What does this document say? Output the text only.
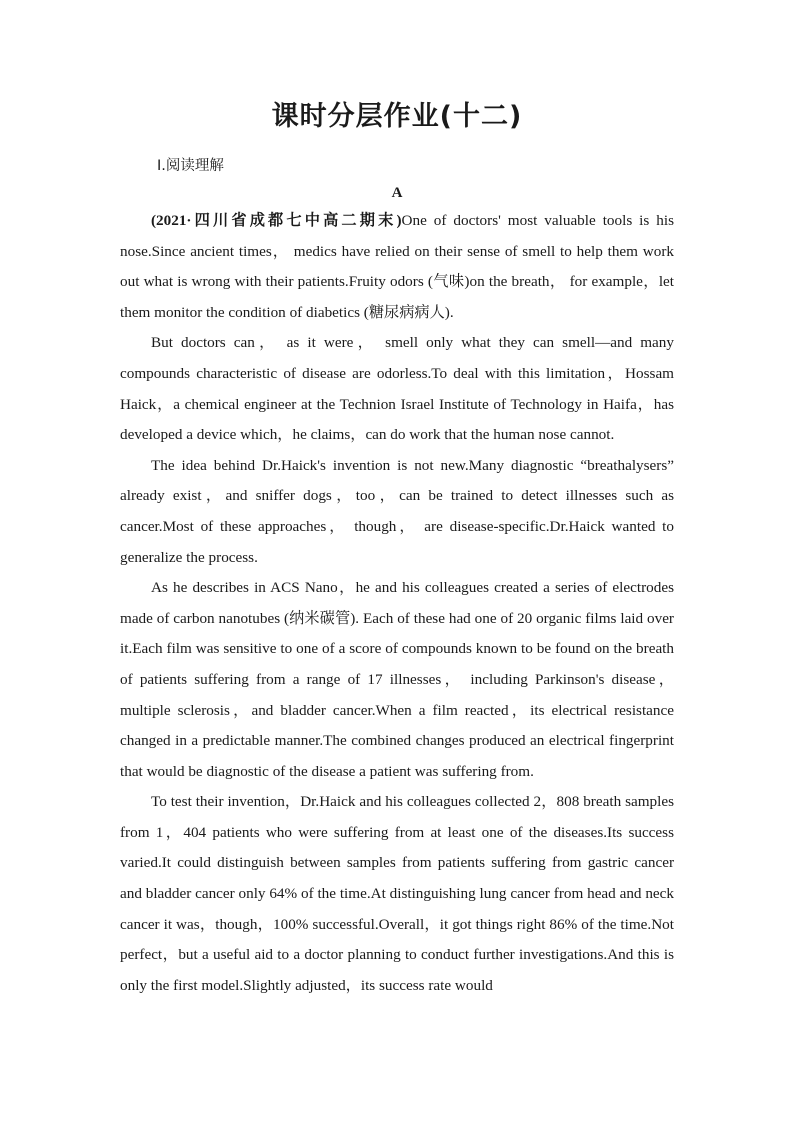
课时分层作业(十二)
Ⅰ.阅读理解
A

(2021·四川省成都七中高二期末)One of doctors' most valuable tools is his nose.Since ancient times， medics have relied on their sense of smell to help them work out what is wrong with their patients.Fruity odors (气味)on the breath， for example，let them monitor the condition of diabetics (糖尿病病人).

But doctors can， as it were， smell only what they can smell—and many compounds characteristic of disease are odorless.To deal with this limitation，Hossam Haick，a chemical engineer at the Technion Israel Institute of Technology in Haifa，has developed a device which，he claims，can do work that the human nose cannot.

The idea behind Dr.Haick's invention is not new.Many diagnostic “breathalysers” already exist，and sniffer dogs，too，can be trained to detect illnesses such as cancer.Most of these approaches， though， are disease‑specific.Dr.Haick wanted to generalize the process.

As he describes in ACS Nano，he and his colleagues created a series of electrodes made of carbon nanotubes (纳米碳管). Each of these had one of 20 organic films laid over it.Each film was sensitive to one of a score of compounds known to be found on the breath of patients suffering from a range of 17 illnesses， including Parkinson's disease，multiple sclerosis，and bladder cancer.When a film reacted，its electrical resistance changed in a predictable manner.The combined changes produced an electrical fingerprint that would be diagnostic of the disease a patient was suffering from.

To test their invention，Dr.Haick and his colleagues collected 2，808 breath samples from 1，404 patients who were suffering from at least one of the diseases.Its success varied.It could distinguish between samples from patients suffering from gastric cancer and bladder cancer only 64% of the time.At distinguishing lung cancer from head and neck cancer it was，though，100% successful.Overall，it got things right 86% of the time.Not perfect，but a useful aid to a doctor planning to conduct further investigations.And this is only the first model.Slightly adjusted，its success rate would
